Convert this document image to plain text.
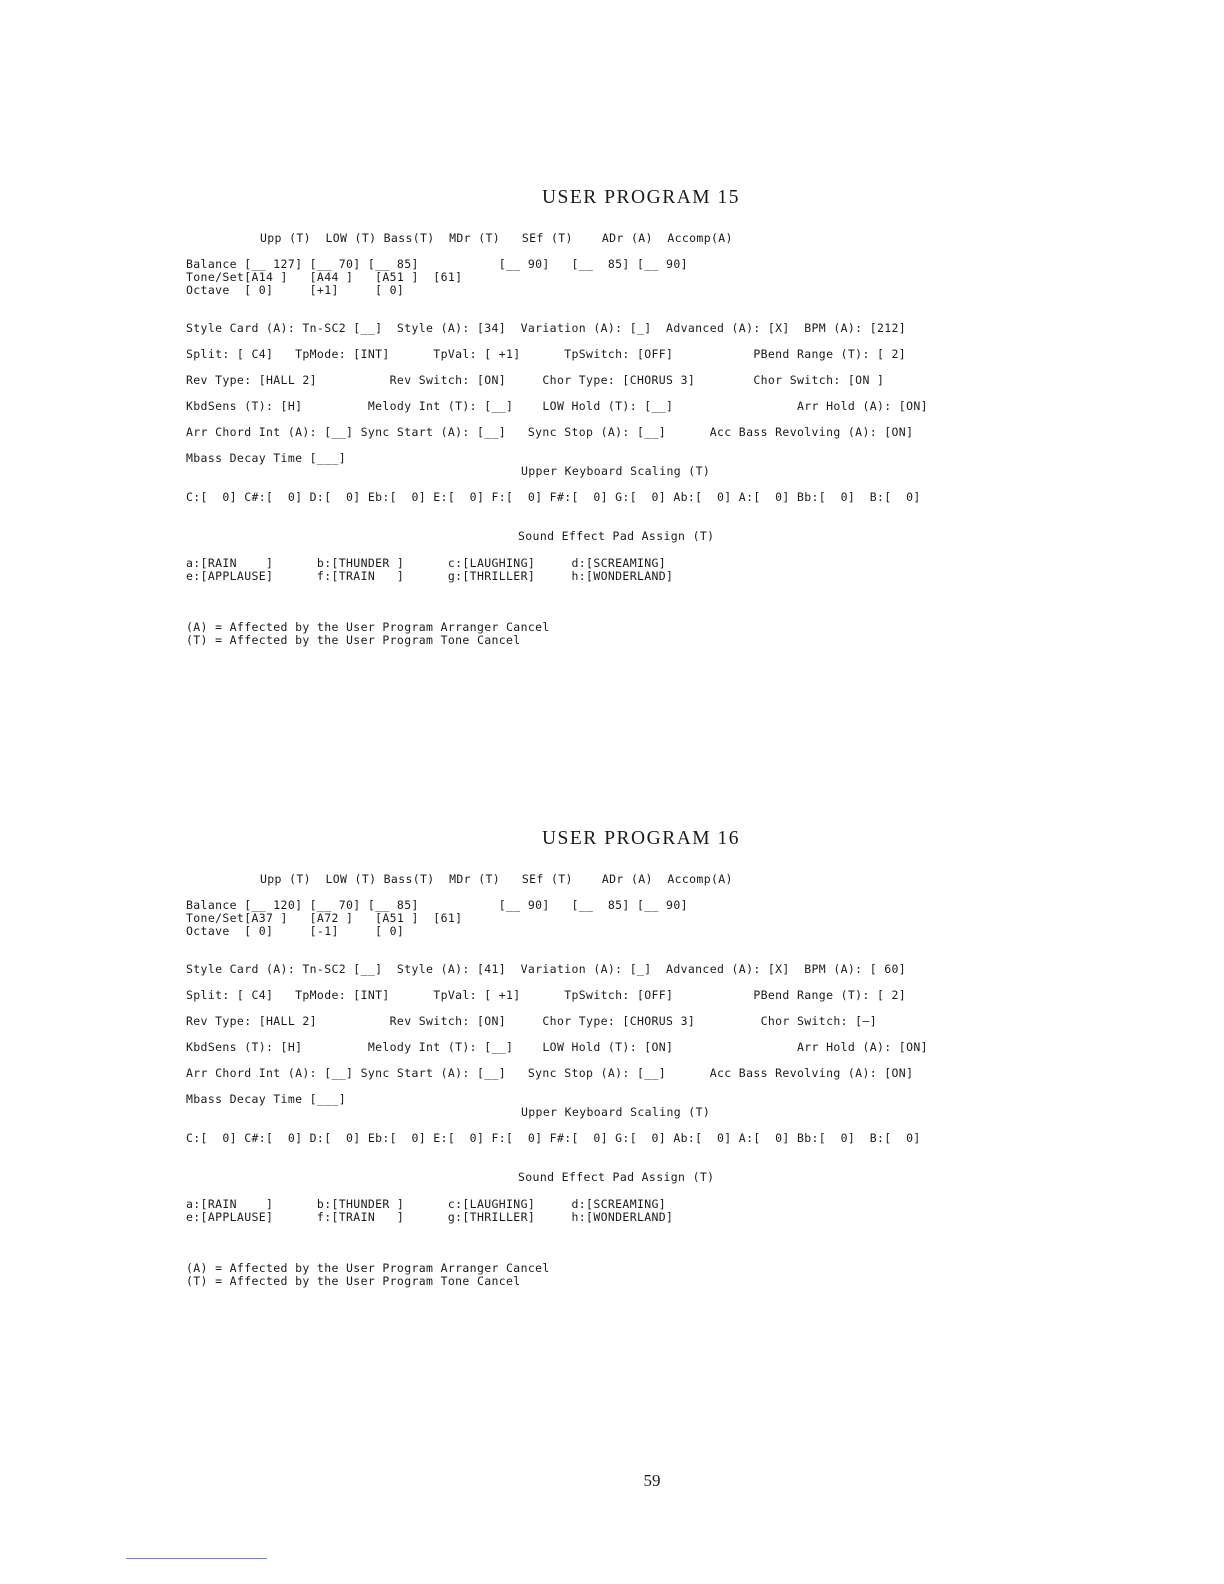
USER PROGRAM 15
Upp (T)  LOW (T) Bass(T)  MDr (T)   SEf (T)    ADr (A)  Accomp(A)
Balance [__ 127] [__ 70] [__ 85]           [__ 90]   [__  85] [__ 90]
Tone/Set[A14 ]   [A44 ]   [A51 ]  [61]
Octave  [ 0]     [+1]     [ 0]
Style Card (A): Tn-SC2 [__]  Style (A): [34]  Variation (A): [_]  Advanced (A): [X]  BPM (A): [212]
Split: [ C4]   TpMode: [INT]      TpVal: [ +1]      TpSwitch: [OFF]           PBend Range (T): [ 2]
Rev Type: [HALL 2]          Rev Switch: [ON]     Chor Type: [CHORUS 3]        Chor Switch: [ON ]
KbdSens (T): [H]         Melody Int (T): [__]    LOW Hold (T): [__]                 Arr Hold (A): [ON]
Arr Chord Int (A): [__] Sync Start (A): [__]   Sync Stop (A): [__]      Acc Bass Revolving (A): [ON]
Mbass Decay Time [___]
Upper Keyboard Scaling (T)
C:[  0] C#:[  0] D:[  0] Eb:[  0] E:[  0] F:[  0] F#:[  0] G:[  0] Ab:[  0] A:[  0] Bb:[  0]  B:[  0]
Sound Effect Pad Assign (T)
a:[RAIN    ]      b:[THUNDER ]      c:[LAUGHING]     d:[SCREAMING]
e:[APPLAUSE]      f:[TRAIN   ]      g:[THRILLER]     h:[WONDERLAND]
(A) = Affected by the User Program Arranger Cancel
(T) = Affected by the User Program Tone Cancel
USER PROGRAM 16
Upp (T)  LOW (T) Bass(T)  MDr (T)   SEf (T)    ADr (A)  Accomp(A)
Balance [__ 120] [__ 70] [__ 85]           [__ 90]   [__  85] [__ 90]
Tone/Set[A37 ]   [A72 ]   [A51 ]  [61]
Octave  [ 0]     [-1]     [ 0]
Style Card (A): Tn-SC2 [__]  Style (A): [41]  Variation (A): [_]  Advanced (A): [X]  BPM (A): [ 60]
Split: [ C4]   TpMode: [INT]      TpVal: [ +1]      TpSwitch: [OFF]           PBend Range (T): [ 2]
Rev Type: [HALL 2]          Rev Switch: [ON]     Chor Type: [CHORUS 3]         Chor Switch: [—]
KbdSens (T): [H]         Melody Int (T): [__]    LOW Hold (T): [ON]                 Arr Hold (A): [ON]
Arr Chord Int (A): [__] Sync Start (A): [__]   Sync Stop (A): [__]      Acc Bass Revolving (A): [ON]
Mbass Decay Time [___]
Upper Keyboard Scaling (T)
C:[  0] C#:[  0] D:[  0] Eb:[  0] E:[  0] F:[  0] F#:[  0] G:[  0] Ab:[  0] A:[  0] Bb:[  0]  B:[  0]
Sound Effect Pad Assign (T)
a:[RAIN    ]      b:[THUNDER ]      c:[LAUGHING]     d:[SCREAMING]
e:[APPLAUSE]      f:[TRAIN   ]      g:[THRILLER]     h:[WONDERLAND]
(A) = Affected by the User Program Arranger Cancel
(T) = Affected by the User Program Tone Cancel
59
